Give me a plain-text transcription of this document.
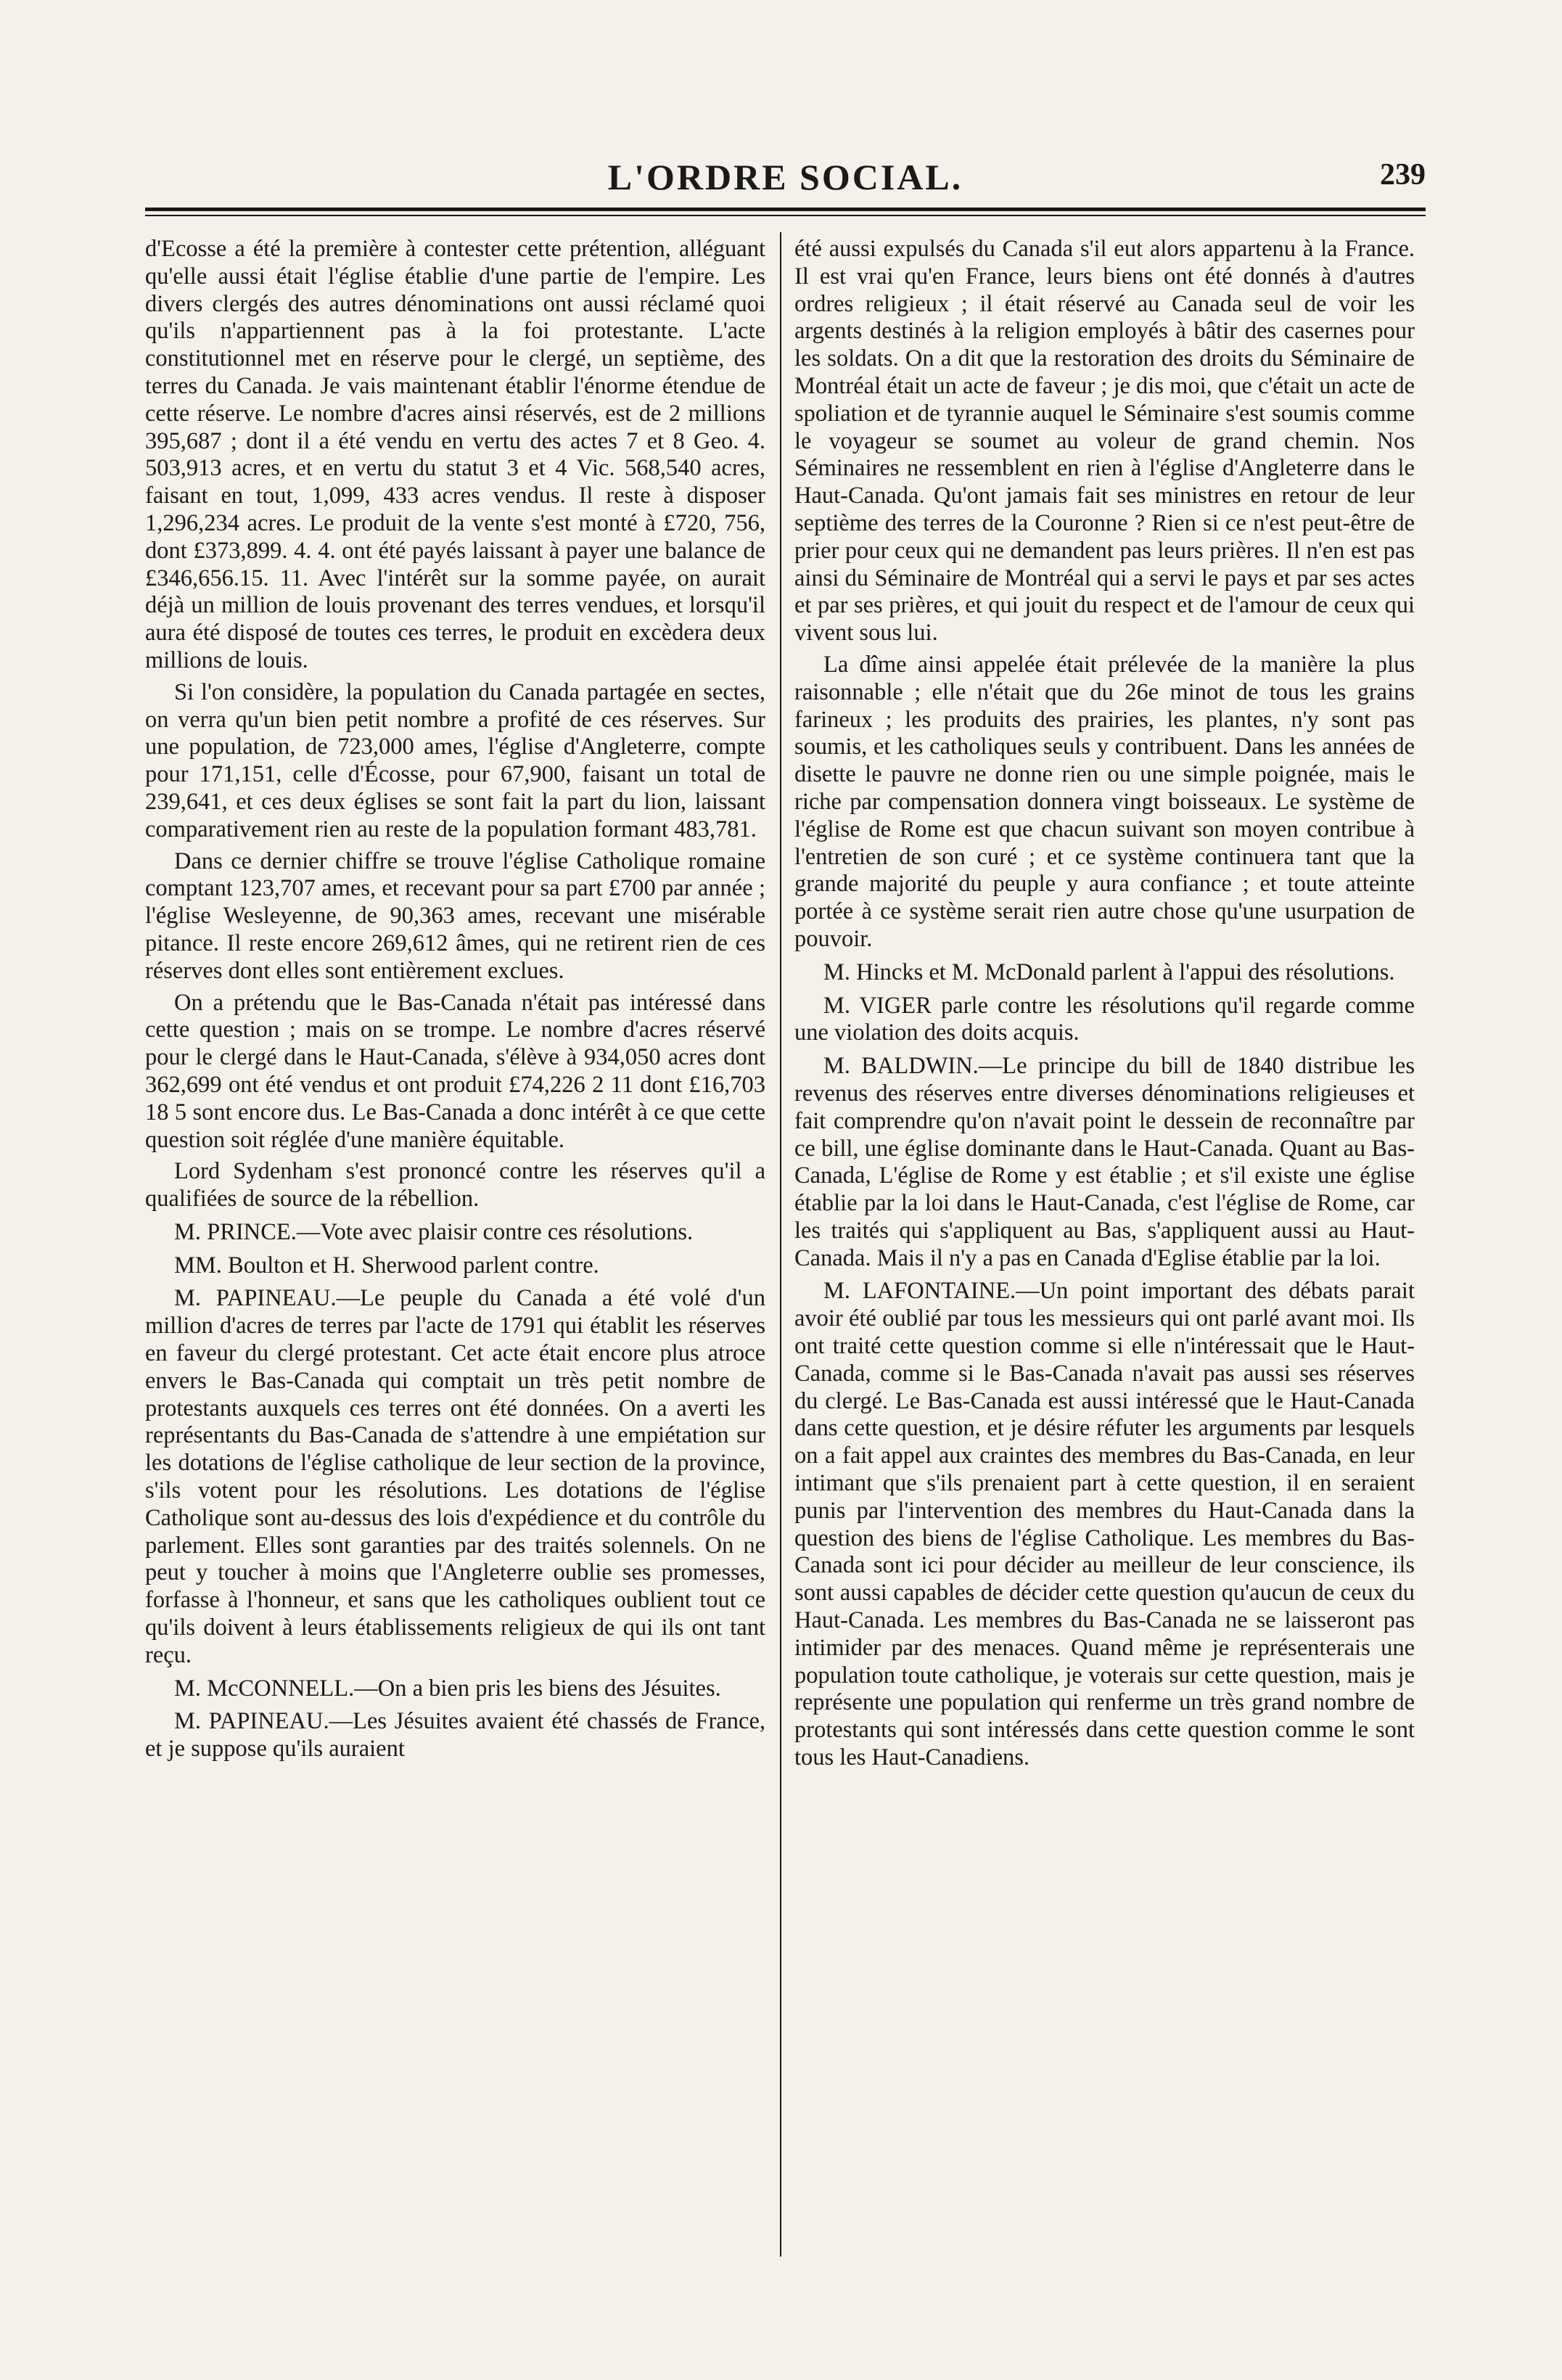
L'ORDRE SOCIAL.	239

d'Ecosse a été la première à contester cette prétention, alléguant qu'elle aussi était l'église établie d'une partie de l'empire. Les divers clergés des autres dénominations ont aussi réclamé quoi qu'ils n'appartiennent pas à la foi protestante. L'acte constitutionnel met en réserve pour le clergé, un septième, des terres du Canada. Je vais maintenant établir l'énorme étendue de cette réserve. Le nombre d'acres ainsi réservés, est de 2 millions 395,687 ; dont il a été vendu en vertu des actes 7 et 8 Geo. 4. 503,913 acres, et en vertu du statut 3 et 4 Vic. 568,540 acres, faisant en tout, 1,099, 433 acres vendus. Il reste à disposer 1,296,234 acres. Le produit de la vente s'est monté à £720, 756, dont £373,899. 4. 4. ont été payés laissant à payer une balance de £346,656.15. 11. Avec l'intérêt sur la somme payée, on aurait déjà un million de louis provenant des terres vendues, et lorsqu'il aura été disposé de toutes ces terres, le produit en excèdera deux millions de louis.

Si l'on considère, la population du Canada partagée en sectes, on verra qu'un bien petit nombre a profité de ces réserves. Sur une population, de 723,000 ames, l'église d'Angleterre, compte pour 171,151, celle d'Écosse, pour 67,900, faisant un total de 239,641, et ces deux églises se sont fait la part du lion, laissant comparativement rien au reste de la population formant 483,781.

Dans ce dernier chiffre se trouve l'église Catholique romaine comptant 123,707 ames, et recevant pour sa part £700 par année ; l'église Wesleyenne, de 90,363 ames, recevant une misérable pitance. Il reste encore 269,612 âmes, qui ne retirent rien de ces réserves dont elles sont entièrement exclues.

On a prétendu que le Bas-Canada n'était pas intéressé dans cette question ; mais on se trompe. Le nombre d'acres réservé pour le clergé dans le Haut-Canada, s'élève à 934,050 acres dont 362,699 ont été vendus et ont produit £74,226 2 11 dont £16,703 18 5 sont encore dus. Le Bas-Canada a donc intérêt à ce que cette question soit réglée d'une manière équitable.

Lord Sydenham s'est prononcé contre les réserves qu'il a qualifiées de source de la rébellion.

M. PRINCE.—Vote avec plaisir contre ces résolutions.

MM. Boulton et H. Sherwood parlent contre.

M. PAPINEAU.—Le peuple du Canada a été volé d'un million d'acres de terres par l'acte de 1791 qui établit les réserves en faveur du clergé protestant. Cet acte était encore plus atroce envers le Bas-Canada qui comptait un très petit nombre de protestants auxquels ces terres ont été données. On a averti les représentants du Bas-Canada de s'attendre à une empiétation sur les dotations de l'église catholique de leur section de la province, s'ils votent pour les résolutions. Les dotations de l'église Catholique sont au-dessus des lois d'expédience et du contrôle du parlement. Elles sont garanties par des traités solennels. On ne peut y toucher à moins que l'Angleterre oublie ses promesses, forfasse à l'honneur, et sans que les catholiques oublient tout ce qu'ils doivent à leurs établissements religieux de qui ils ont tant reçu.

M. McCONNELL.—On a bien pris les biens des Jésuites.

M. PAPINEAU.—Les Jésuites avaient été chassés de France, et je suppose qu'ils auraient

été aussi expulsés du Canada s'il eut alors appartenu à la France. Il est vrai qu'en France, leurs biens ont été donnés à d'autres ordres religieux ; il était réservé au Canada seul de voir les argents destinés à la religion employés à bâtir des casernes pour les soldats. On a dit que la restoration des droits du Séminaire de Montréal était un acte de faveur ; je dis moi, que c'était un acte de spoliation et de tyrannie auquel le Séminaire s'est soumis comme le voyageur se soumet au voleur de grand chemin. Nos Séminaires ne ressemblent en rien à l'église d'Angleterre dans le Haut-Canada. Qu'ont jamais fait ses ministres en retour de leur septième des terres de la Couronne ? Rien si ce n'est peut-être de prier pour ceux qui ne demandent pas leurs prières. Il n'en est pas ainsi du Séminaire de Montréal qui a servi le pays et par ses actes et par ses prières, et qui jouit du respect et de l'amour de ceux qui vivent sous lui.

La dîme ainsi appelée était prélevée de la manière la plus raisonnable ; elle n'était que du 26e minot de tous les grains farineux ; les produits des prairies, les plantes, n'y sont pas soumis, et les catholiques seuls y contribuent. Dans les années de disette le pauvre ne donne rien ou une simple poignée, mais le riche par compensation donnera vingt boisseaux. Le système de l'église de Rome est que chacun suivant son moyen contribue à l'entretien de son curé ; et ce système continuera tant que la grande majorité du peuple y aura confiance ; et toute atteinte portée à ce système serait rien autre chose qu'une usurpation de pouvoir.

M. Hincks et M. McDonald parlent à l'appui des résolutions.

M. VIGER parle contre les résolutions qu'il regarde comme une violation des doits acquis.

M. BALDWIN.—Le principe du bill de 1840 distribue les revenus des réserves entre diverses dénominations religieuses et fait comprendre qu'on n'avait point le dessein de reconnaître par ce bill, une église dominante dans le Haut-Canada. Quant au Bas-Canada, L'église de Rome y est établie ; et s'il existe une église établie par la loi dans le Haut-Canada, c'est l'église de Rome, car les traités qui s'appliquent au Bas, s'appliquent aussi au Haut-Canada. Mais il n'y a pas en Canada d'Eglise établie par la loi.

M. LAFONTAINE.—Un point important des débats parait avoir été oublié par tous les messieurs qui ont parlé avant moi. Ils ont traité cette question comme si elle n'intéressait que le Haut-Canada, comme si le Bas-Canada n'avait pas aussi ses réserves du clergé. Le Bas-Canada est aussi intéressé que le Haut-Canada dans cette question, et je désire réfuter les arguments par lesquels on a fait appel aux craintes des membres du Bas-Canada, en leur intimant que s'ils prenaient part à cette question, il en seraient punis par l'intervention des membres du Haut-Canada dans la question des biens de l'église Catholique. Les membres du Bas-Canada sont ici pour décider au meilleur de leur conscience, ils sont aussi capables de décider cette question qu'aucun de ceux du Haut-Canada. Les membres du Bas-Canada ne se laisseront pas intimider par des menaces. Quand même je représenterais une population toute catholique, je voterais sur cette question, mais je représente une population qui renferme un très grand nombre de protestants qui sont intéressés dans cette question comme le sont tous les Haut-Canadiens.
